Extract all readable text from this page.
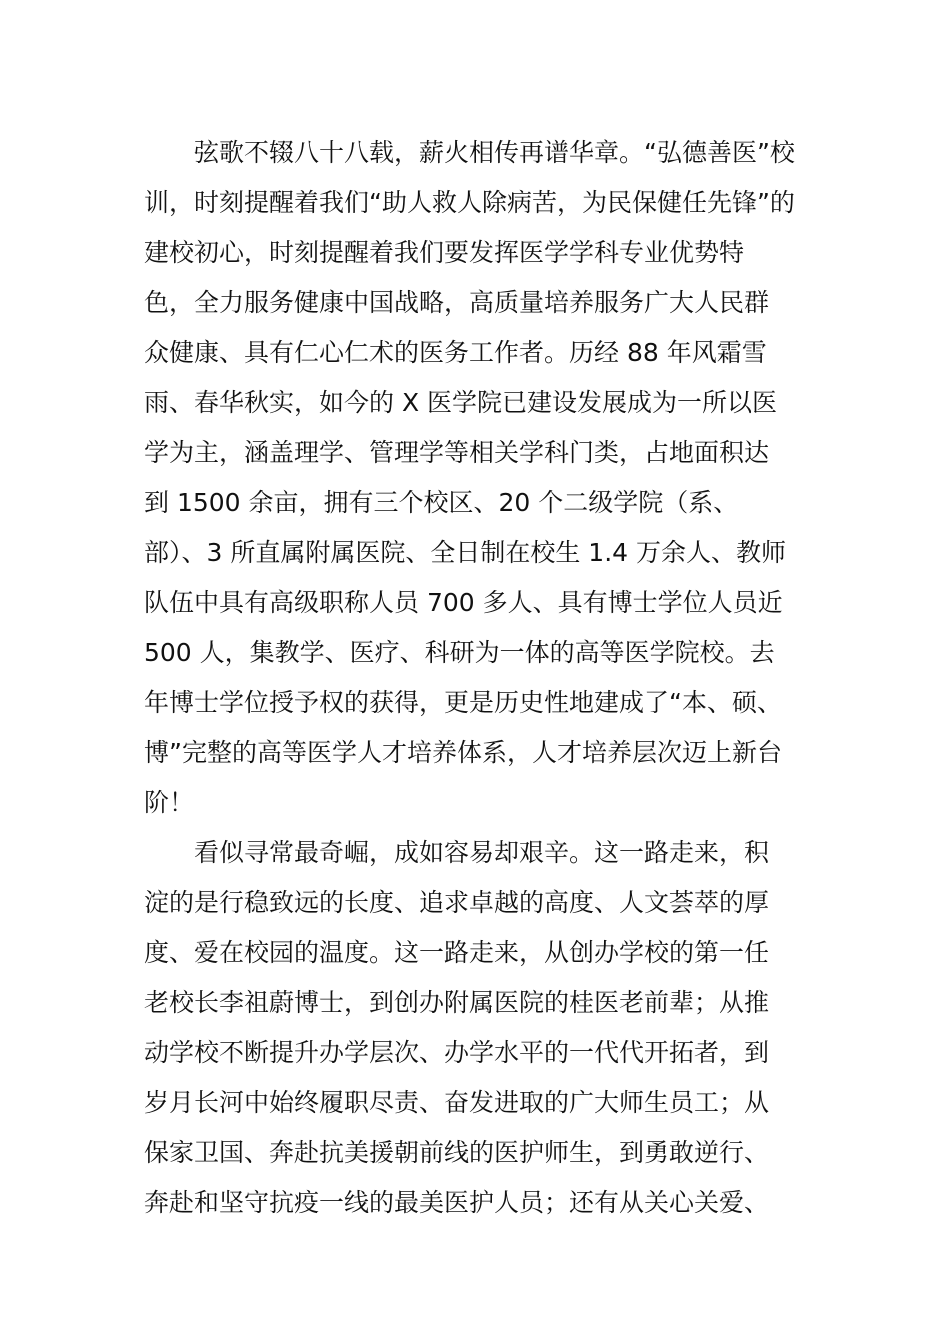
弦歌不辍八十八载，薪火相传再谱华章。“弘德善医”校
训，时刻提醒着我们“助人救人除病苦，为民保健任先锋”的
建校初心，时刻提醒着我们要发挥医学学科专业优势特
色，全力服务健康中国战略，高质量培养服务广大人民群
众健康、具有仁心仁术的医务工作者。历经 88 年风霜雪
雨、春华秋实，如今的 X 医学院已建设发展成为一所以医
学为主，涵盖理学、管理学等相关学科门类，占地面积达
到 1500 余亩，拥有三个校区、20 个二级学院（系、
部）、3 所直属附属医院、全日制在校生 1.4 万余人、教师
队伍中具有高级职称人员 700 多人、具有博士学位人员近
500 人，集教学、医疗、科研为一体的高等医学院校。去
年博士学位授予权的获得，更是历史性地建成了“本、硕、
博”完整的高等医学人才培养体系，人才培养层次迈上新台
阶！
看似寻常最奇崛，成如容易却艰辛。这一路走来，积
淀的是行稳致远的长度、追求卓越的高度、人文荟萃的厚
度、爱在校园的温度。这一路走来，从创办学校的第一任
老校长李祖蔚博士，到创办附属医院的桂医老前辈；从推
动学校不断提升办学层次、办学水平的一代代开拓者，到
岁月长河中始终履职尽责、奋发进取的广大师生员工；从
保家卫国、奔赴抗美援朝前线的医护师生，到勇敢逆行、
奔赴和坚守抗疫一线的最美医护人员；还有从关心关爱、
